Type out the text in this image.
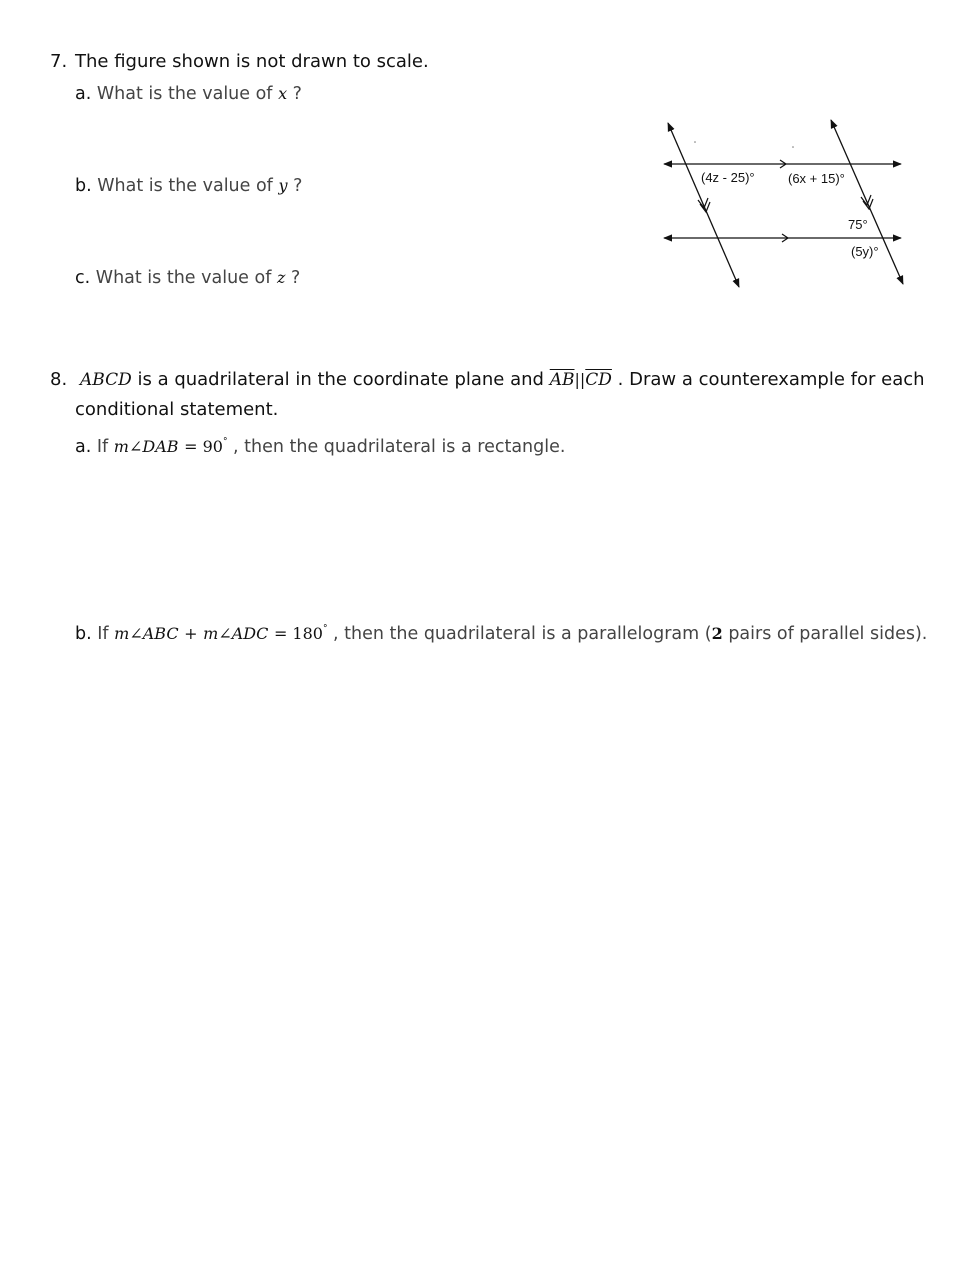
7. The figure shown is not drawn to scale.
a. What is the value of x ?
b. What is the value of y ?
c. What is the value of z ?
(4z - 25)°	(6x + 15)°
75°
(5y)°
8. ABCD is a quadrilateral in the coordinate plane and $\overline{AB}||\overline{CD}$ . Draw a counterexample for each
conditional statement.
a. If m∠DAB = 90° , then the quadrilateral is a rectangle.
b. If m∠ABC + m∠ADC = 180° , then the quadrilateral is a parallelogram (2 pairs of parallel sides).
